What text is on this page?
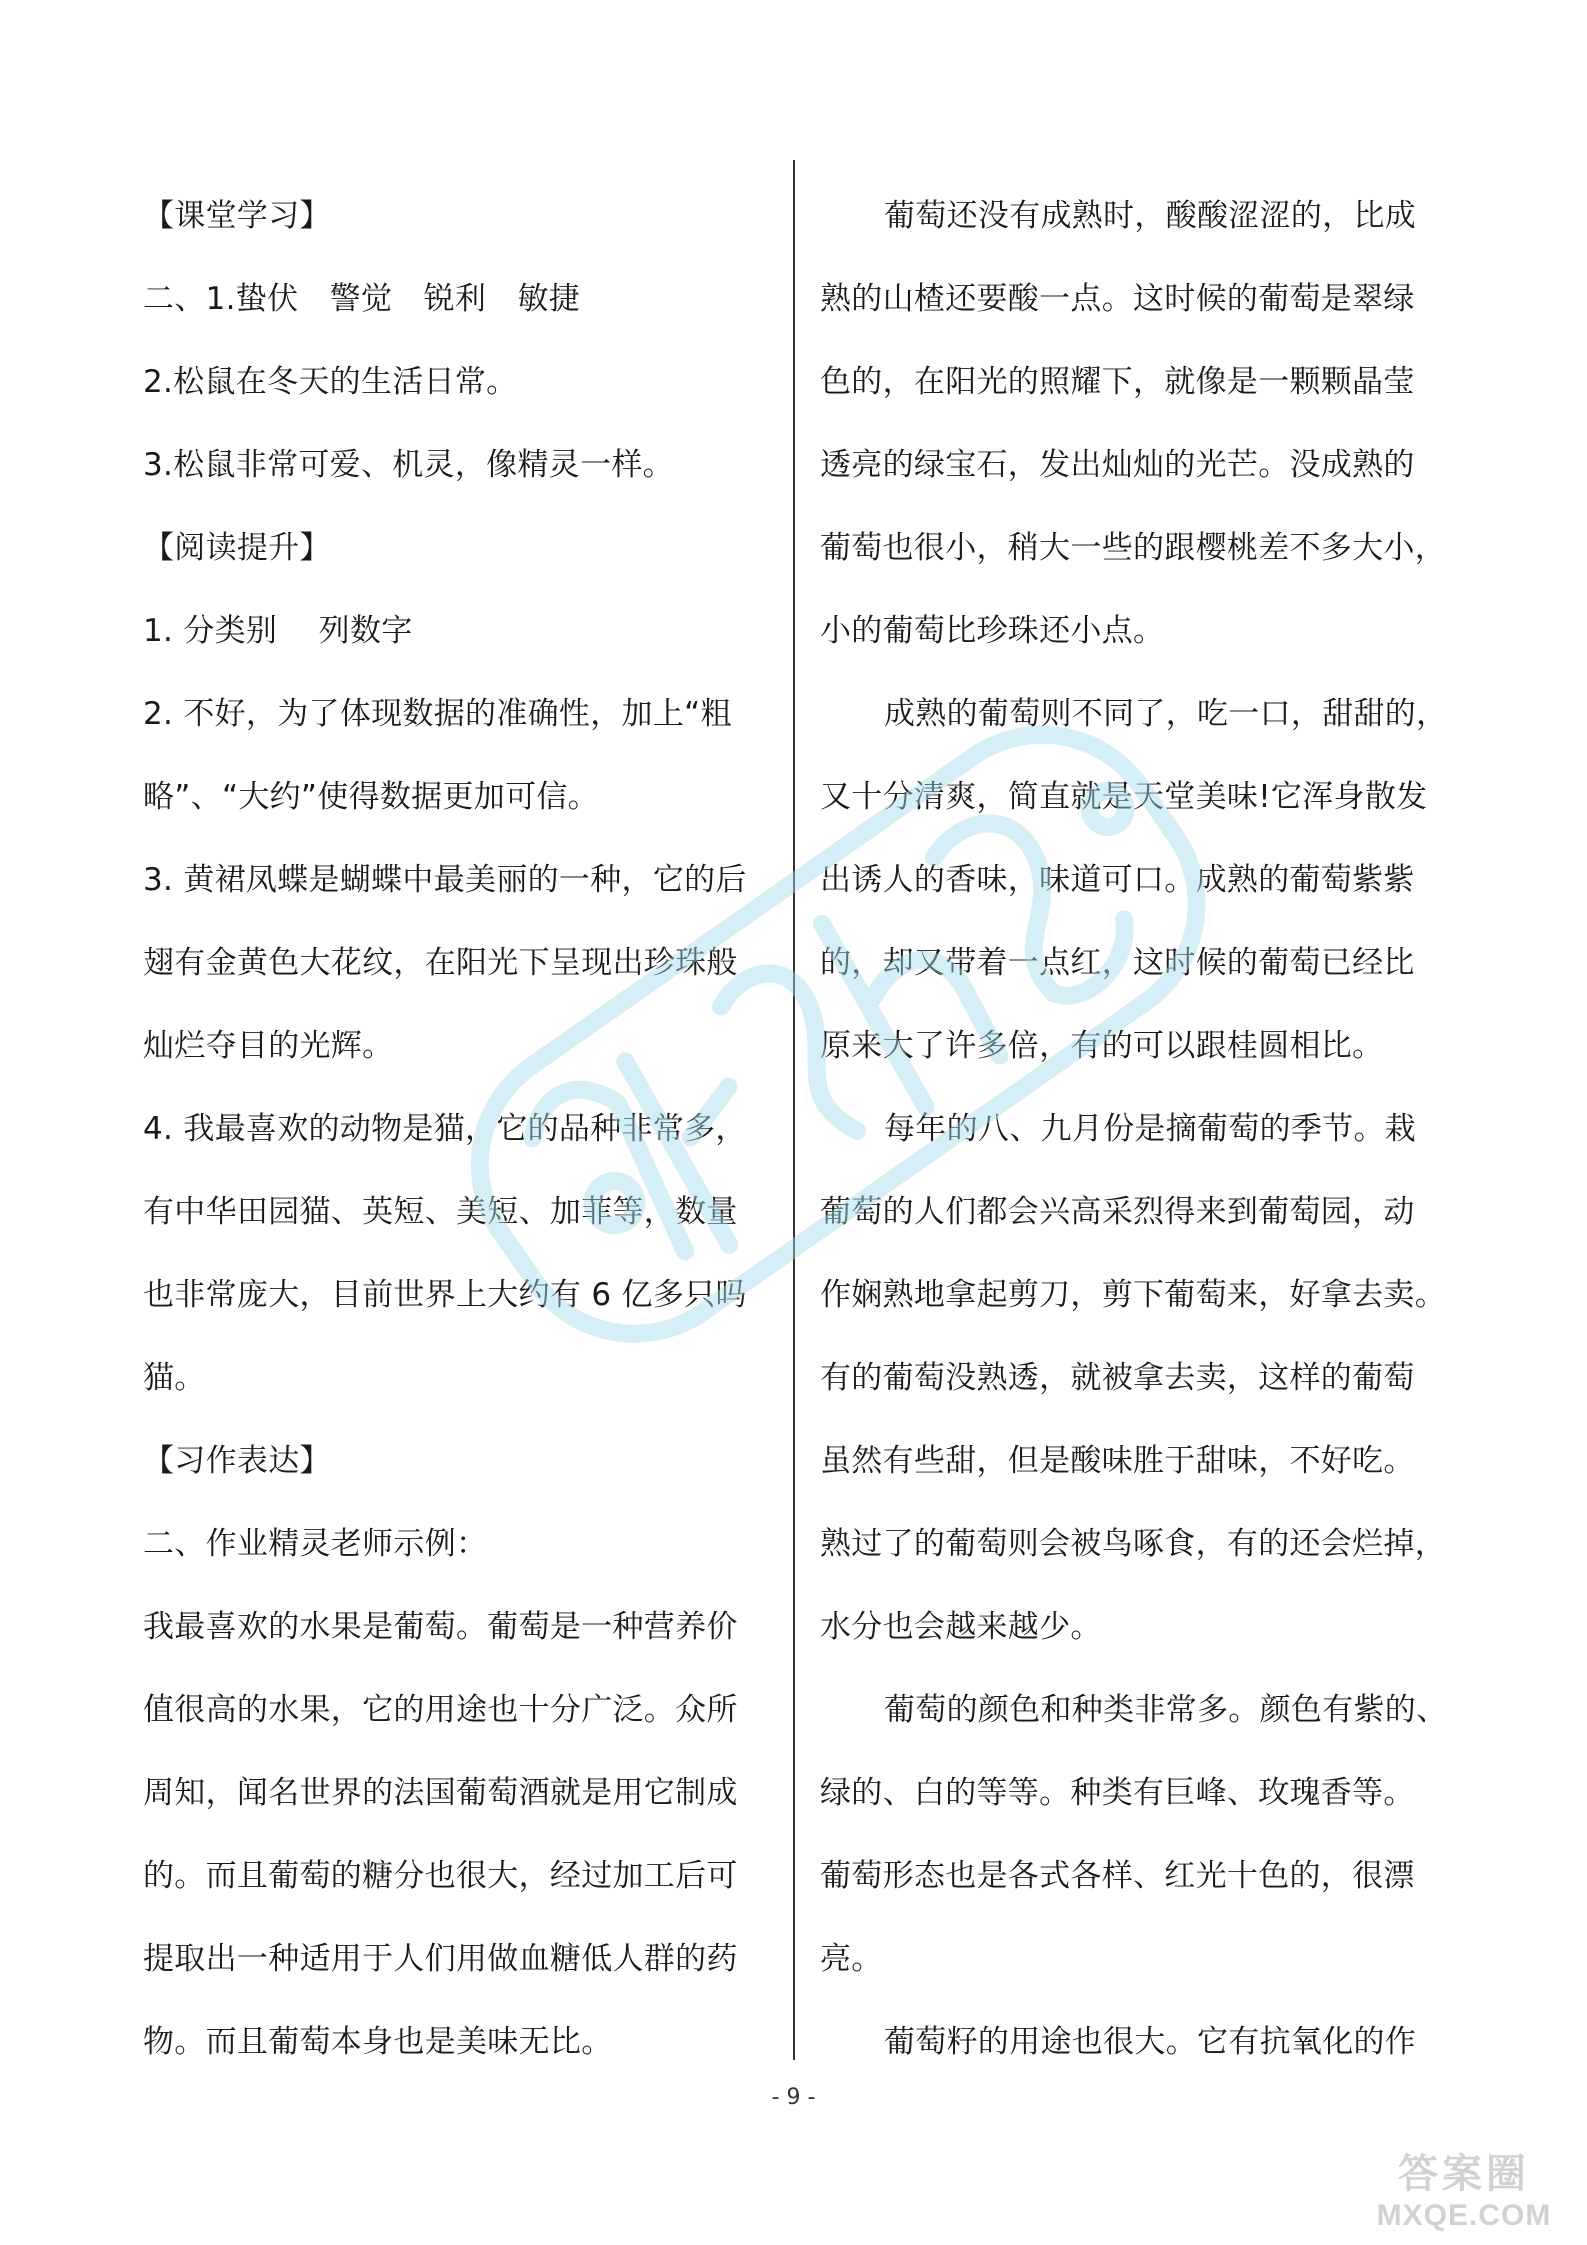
【课堂学习】
二、1.蛰伏　警觉　锐利　敏捷
2.松鼠在冬天的生活日常。
3.松鼠非常可爱、机灵，像精灵一样。
【阅读提升】
1. 分类别　 列数字
2. 不好，为了体现数据的准确性，加上“粗
略”、“大约”使得数据更加可信。
3. 黄裙凤蝶是蝴蝶中最美丽的一种，它的后
翅有金黄色大花纹，在阳光下呈现出珍珠般
灿烂夺目的光辉。
4. 我最喜欢的动物是猫，它的品种非常多，
有中华田园猫、英短、美短、加菲等，数量
也非常庞大，目前世界上大约有 6 亿多只吗
猫。
【习作表达】
二、作业精灵老师示例：
我最喜欢的水果是葡萄。葡萄是一种营养价
值很高的水果，它的用途也十分广泛。众所
周知，闻名世界的法国葡萄酒就是用它制成
的。而且葡萄的糖分也很大，经过加工后可
提取出一种适用于人们用做血糖低人群的药
物。而且葡萄本身也是美味无比。
葡萄还没有成熟时，酸酸涩涩的，比成
熟的山楂还要酸一点。这时候的葡萄是翠绿
色的，在阳光的照耀下，就像是一颗颗晶莹
透亮的绿宝石，发出灿灿的光芒。没成熟的
葡萄也很小，稍大一些的跟樱桃差不多大小，
小的葡萄比珍珠还小点。
成熟的葡萄则不同了，吃一口，甜甜的，
又十分清爽，简直就是天堂美味!它浑身散发
出诱人的香味，味道可口。成熟的葡萄紫紫
的，却又带着一点红，这时候的葡萄已经比
原来大了许多倍，有的可以跟桂圆相比。
每年的八、九月份是摘葡萄的季节。栽
葡萄的人们都会兴高采烈得来到葡萄园，动
作娴熟地拿起剪刀，剪下葡萄来，好拿去卖。
有的葡萄没熟透，就被拿去卖，这样的葡萄
虽然有些甜，但是酸味胜于甜味，不好吃。
熟过了的葡萄则会被鸟啄食，有的还会烂掉，
水分也会越来越少。
葡萄的颜色和种类非常多。颜色有紫的、
绿的、白的等等。种类有巨峰、玫瑰香等。
葡萄形态也是各式各样、红光十色的，很漂
亮。
葡萄籽的用途也很大。它有抗氧化的作
- 9 -
答案圈
MXQE.COM
